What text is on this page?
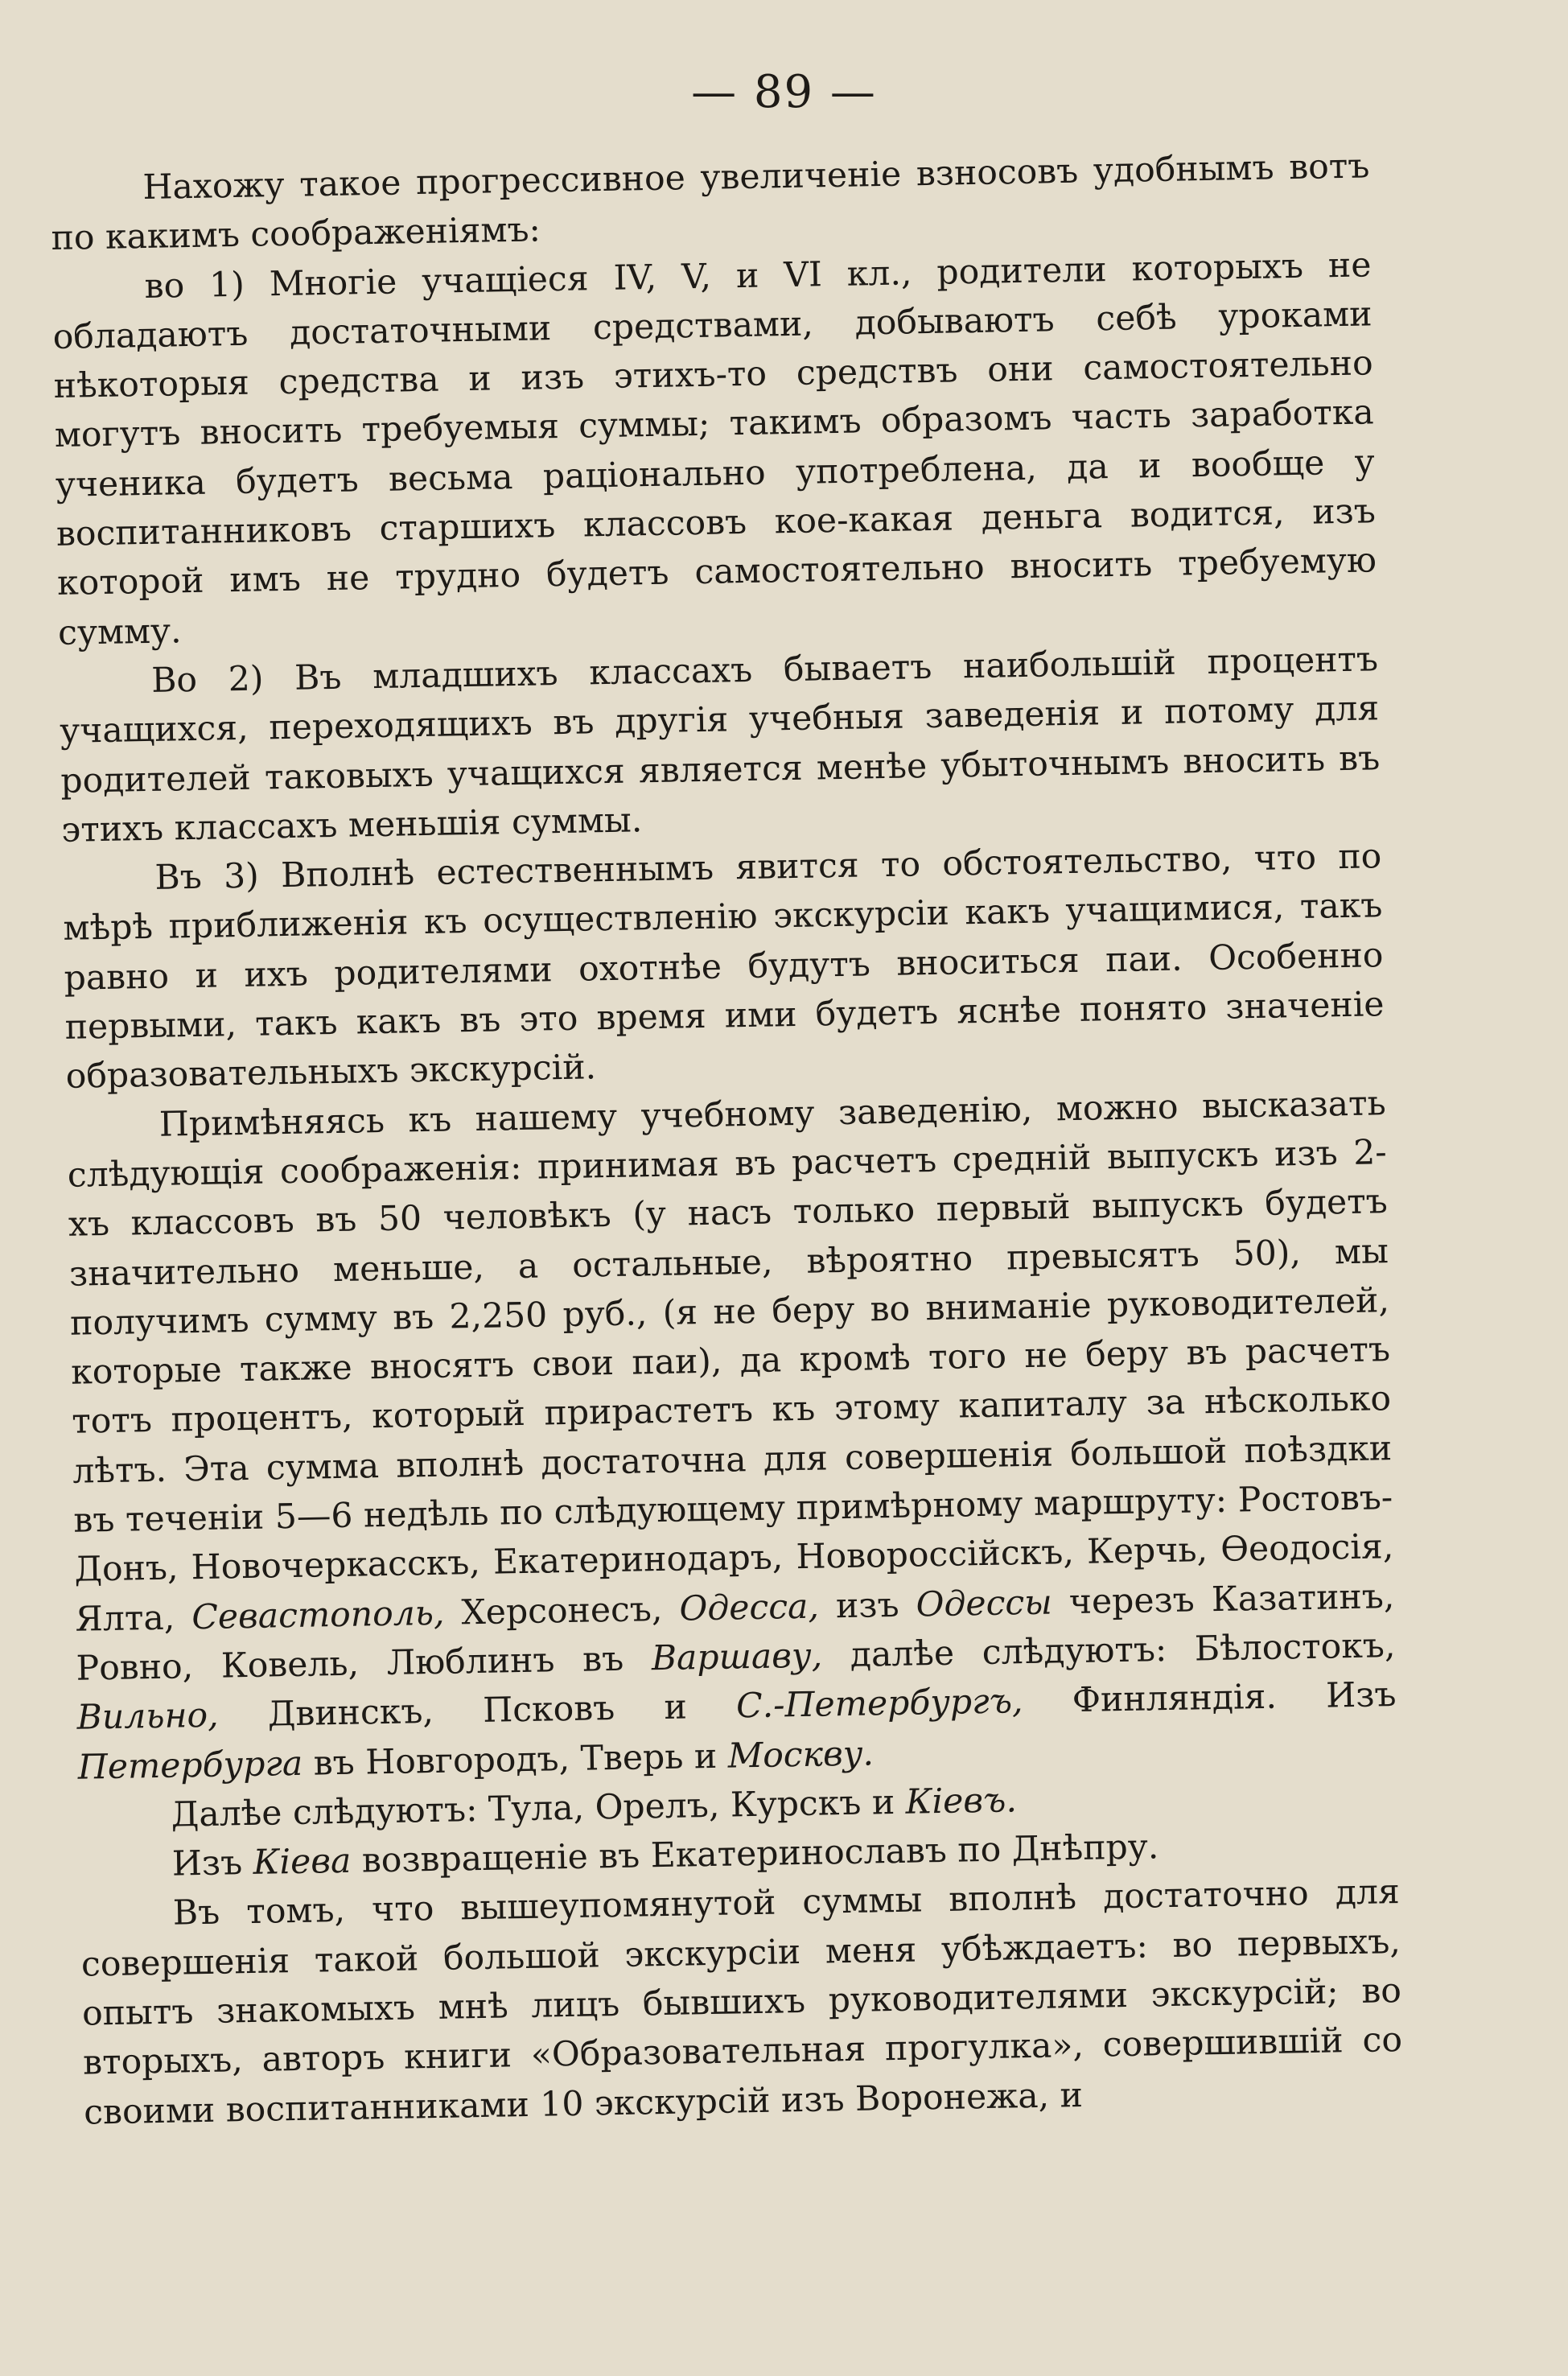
— 89 —

Нахожу такое прогрессивное увеличеніе взносовъ удобнымъ вотъ по какимъ соображеніямъ:

во 1) Многіе учащіеся IV, V, и VI кл., родители которыхъ не обладаютъ достаточными средствами, добываютъ себѣ уроками нѣкоторыя средства и изъ этихъ-то средствъ они самостоятельно могутъ вносить требуемыя суммы; такимъ образомъ часть заработка ученика будетъ весьма раціонально употреблена, да и вообще у воспитанниковъ старшихъ классовъ кое-какая деньга водится, изъ которой имъ не трудно будетъ самостоятельно вносить требуемую сумму.

Во 2) Въ младшихъ классахъ бываетъ наибольшій процентъ учащихся, переходящихъ въ другія учебныя заведенія и потому для родителей таковыхъ учащихся является менѣе убыточнымъ вносить въ этихъ классахъ меньшія суммы.

Въ 3) Вполнѣ естественнымъ явится то обстоятельство, что по мѣрѣ приближенія къ осуществленію экскурсіи какъ учащимися, такъ равно и ихъ родителями охотнѣе будутъ вноситься паи. Особенно первыми, такъ какъ въ это время ими будетъ яснѣе понято значеніе образовательныхъ экскурсій.

Примѣняясь къ нашему учебному заведенію, можно высказать слѣдующія соображенія: принимая въ расчетъ средній выпускъ изъ 2-хъ классовъ въ 50 человѣкъ (у насъ только первый выпускъ будетъ значительно меньше, а остальные, вѣроятно превысятъ 50), мы получимъ сумму въ 2,250 руб., (я не беру во вниманіе руководителей, которые также вносятъ свои паи), да кромѣ того не беру въ расчетъ тотъ процентъ, который прирастетъ къ этому капиталу за нѣсколько лѣтъ. Эта сумма вполнѣ достаточна для совершенія большой поѣздки въ теченіи 5—6 недѣль по слѣдующему примѣрному маршруту: Ростовъ-Донъ, Новочеркасскъ, Екатеринодаръ, Новороссійскъ, Керчь, Ѳеодосія, Ялта, Севастополь, Херсонесъ, Одесса, изъ Одессы черезъ Казатинъ, Ровно, Ковель, Люблинъ въ Варшаву, далѣе слѣдуютъ: Бѣлостокъ, Вильно, Двинскъ, Псковъ и С.-Петербургъ, Финляндія. Изъ Петербурга въ Новгородъ, Тверь и Москву.

Далѣе слѣдуютъ: Тула, Орелъ, Курскъ и Кіевъ.

Изъ Кіева возвращеніе въ Екатеринославъ по Днѣпру.

Въ томъ, что вышеупомянутой суммы вполнѣ достаточно для совершенія такой большой экскурсіи меня убѣждаетъ: во первыхъ, опытъ знакомыхъ мнѣ лицъ бывшихъ руководителями экскурсій; во вторыхъ, авторъ книги «Образовательная прогулка», совершившій со своими воспитанниками 10 экскурсій изъ Воронежа, и
